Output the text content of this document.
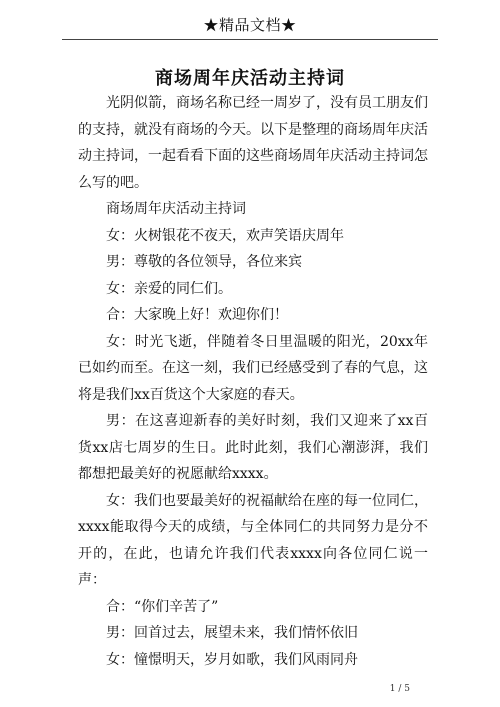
★精品文档★
商场周年庆活动主持词

光阴似箭，商场名称已经一周岁了，没有员工朋友们的支持，就没有商场的今天。以下是整理的商场周年庆活动主持词，一起看看下面的这些商场周年庆活动主持词怎么写的吧。

商场周年庆活动主持词

女：火树银花不夜天，欢声笑语庆周年

男：尊敬的各位领导，各位来宾

女：亲爱的同仁们。

合：大家晚上好！欢迎你们！

女：时光飞逝，伴随着冬日里温暖的阳光，20xx年已如约而至。在这一刻，我们已经感受到了春的气息，这将是我们xx百货这个大家庭的春天。

男：在这喜迎新春的美好时刻，我们又迎来了xx百货xx店七周岁的生日。此时此刻，我们心潮澎湃，我们都想把最美好的祝愿献给xxxx。

女：我们也要最美好的祝福献给在座的每一位同仁，xxxx能取得今天的成绩，与全体同仁的共同努力是分不开的，在此，也请允许我们代表xxxx向各位同仁说一声：

合：“你们辛苦了”

男：回首过去，展望未来，我们情怀依旧

女：憧憬明天，岁月如歌，我们风雨同舟

1 / 5
